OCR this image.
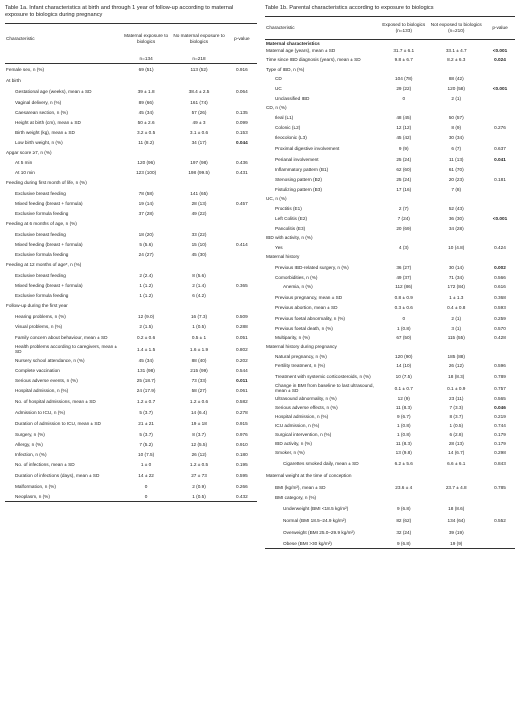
Table 1a. Infant characteristics at birth and through 1 year of follow-up according to maternal exposure to biologics during pregnancy
Characteristic	Maternal exposure to biologics	No maternal exposure to biologics	p-value
	n=134	n=218	
Female sex, n (%)	69 (51)	113 (52)	0.916
At birth			
Gestational age (weeks), mean ± SD	39 ± 1.8	38.4 ± 2.5	0.064
Vaginal delivery, n (%)	89 (66)	161 (74)	
Caesarean section, n (%)	45 (34)	57 (26)	0.135
Height at birth (cm), mean ± SD	50 ± 2.6	49 ± 3	0.099
Birth weight (kg), mean ± SD	3.2 ± 0.5	3.1 ± 0.6	0.153
Low birth weight, n (%)	11 (8.2)	34 (17)	0.044
Apgar score ≥7, n (%)			
At 5 min	120 (96)	197 (98)	0.436
At 10 min	123 (100)	198 (99.5)	0.431
Feeding during first month of life, n (%)			
Exclusive breast feeding	78 (58)	141 (65)	
Mixed feeding (breast + formula)	19 (14)	28 (13)	0.457
Exclusive formula feeding	37 (28)	49 (22)	
Feeding at 6 months of age, n (%)			
Exclusive breast feeding	18 (20)	33 (22)	
Mixed feeding (breast + formula)	5 (5.6)	15 (10)	0.414
Exclusive formula feeding	24 (27)	45 (30)	
Feeding at 12 months of age*, n (%)			
Exclusive breast feeding	2 (2.4)	8 (5.6)	
Mixed feeding (breast + formula)	1 (1.2)	2 (1.4)	0.365
Exclusive formula feeding	1 (1.2)	6 (4.2)	
Follow-up during the first year			
Hearing problems, n (%)	12 (9.0)	16 (7.3)	0.509
Visual problems, n (%)	2 (1.5)	1 (0.5)	0.288
Family concern about behaviour, mean ± SD	0.2 ± 0.6	0.5 ± 1	0.051
Health problems according to caregivers, mean ± SD	1.4 ± 1.5	1.6 ± 1.9	0.802
Nursery school attendance, n (%)	45 (34)	88 (40)	0.202
Complete vaccination	131 (98)	215 (99)	0.544
Serious adverse events, n (%)	25 (18.7)	73 (33)	0.011
Hospital admission, n (%)	24 (17.9)	58 (27)	0.061
No. of hospital admissions, mean ± SD	1.2 ± 0.7	1.2 ± 0.6	0.582
Admission to ICU, n (%)	5 (3.7)	14 (6.4)	0.278
Duration of admission to ICU, mean ± SD	21 ± 21	19 ± 18	0.915
Surgery, n (%)	5 (3.7)	8 (3.7)	0.976
Allergy, n (%)	7 (5.2)	12 (5.5)	0.910
Infection, n (%)	10 (7.5)	26 (12)	0.180
No. of infections, mean ± SD	1 ± 0	1.2 ± 0.5	0.195
Duration of infections (days), mean ± SD	14 ± 22	27 ± 73	0.595
Malformation, n (%)	0	2 (0.9)	0.266
Neoplasm, n (%)	0	1 (0.5)	0.432
Table 1b. Parental characteristics according to exposure to biologics
Characteristic	Exposed to biologics (n=133)	Not exposed to biologics (n=210)	p-value
Maternal characteristics			
Maternal age (years), mean ± SD	31.7 ± 6.1	33.1 ± 4.7	<0.001
Time since IBD diagnosis (years), mean ± SD	9.8 ± 6.7	8.2 ± 6.3	0.024
Type of IBD, n (%)			
CD	104 (78)	88 (42)	
UC	29 (22)	120 (58)	<0.001
Unclassified IBD	0	2 (1)	
CD, n (%)			
Ileal (L1)	48 (45)	50 (57)	
Colonic (L2)	12 (12)	8 (9)	0.276
Ileocolonic (L3)	45 (42)	30 (34)	
Proximal digestive involvement	9 (9)	6 (7)	0.637
Perianal involvement	25 (24)	11 (13)	0.041
Inflammatory pattern (B1)	62 (60)	61 (70)	
Stenosing pattern (B2)	25 (24)	20 (23)	0.181
Fistulizing pattern (B3)	17 (16)	7 (8)	
UC, n (%)			
Proctitis (E1)	2 (7)	52 (43)	
Left Colitis (E2)	7 (24)	36 (30)	<0.001
Pancolitis (E3)	20 (69)	34 (28)	
IBD with activity, n (%)			
Yes	4 (3)	10 (4.8)	0.424
Maternal history			
Previous IBD-related surgery, n (%)	36 (27)	30 (14)	0.002
Comorbidities, n (%)	49 (37)	71 (34)	0.566
Anemia, n (%)	112 (86)	172 (84)	0.616
Previous pregnancy, mean ± SD	0.8 ± 0.9	1 ± 1.3	0.368
Previous abortion, mean ± SD	0.3 ± 0.6	0.4 ± 0.8	0.593
Previous foetal abnormality, n (%)	0	2 (1)	0.259
Previous foetal death, n (%)	1 (0.8)	3 (1)	0.570
Multiparity, n (%)	67 (50)	115 (55)	0.428
Maternal history during pregnancy			
Natural pregnancy, n (%)	120 (90)	185 (88)	
Fertility treatment, n (%)	14 (10)	26 (12)	0.596
Treatment with systemic corticosteroids, n (%)	10 (7.5)	18 (8.3)	0.789
Change in BMI from baseline to last ultrasound, mean ± SD	0.1 ± 0.7	0.1 ± 0.9	0.757
Ultrasound abnormality, n (%)	12 (9)	23 (11)	0.565
Serious adverse effects, n (%)	11 (8.3)	7 (3.3)	0.046
Hospital admission, n (%)	9 (6.7)	8 (3.7)	0.219
ICU admission, n (%)	1 (0.8)	1 (0.5)	0.744
Surgical intervention, n (%)	1 (0.8)	6 (2.8)	0.179
IBD activity, n (%)	11 (8.3)	28 (13)	0.179
Smoker, n (%)	13 (9.8)	14 (6.7)	0.298
Cigarettes smoked daily, mean ± SD	6.2 ± 5.6	6.6 ± 6.1	0.843
Maternal weight at the time of conception			
BMI (kg/m²), mean ± SD	23.6 ± 4	23.7 ± 4.8	0.785
BMI category, n (%)			
Underweight (BMI <18.5 kg/m²)	9 (6.8)	18 (8.6)	
Normal (BMI 18.5–24.9 kg/m²)	82 (62)	134 (64)	0.552
Overweight (BMI 25.0–29.9 kg/m²)	32 (24)	39 (19)	
Obese (BMI >30 kg/m²)	9 (6.8)	19 (9)	
